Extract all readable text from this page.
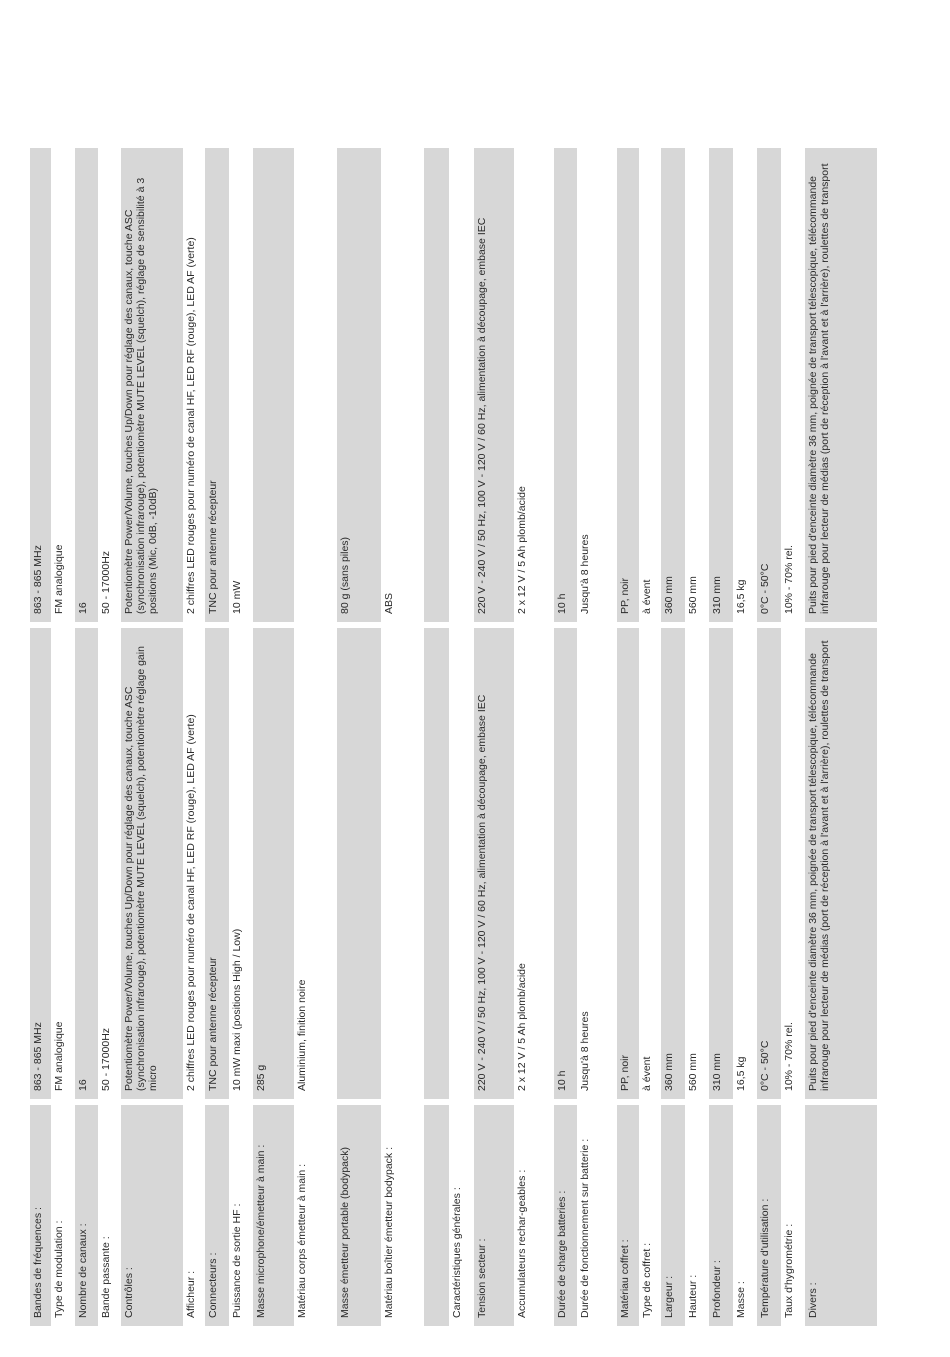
Bandes de fréquences :	863 - 865 MHz	863 - 865 MHz
Type de modulation :	FM analogique	FM analogique
Nombre de canaux :	16	16
Bande passante :	50 - 17000Hz	50 - 17000Hz
Contrôles :	Potentiomètre Power/Volume, touches Up/Down pour réglage des canaux, touche ASC (synchronisation infrarouge), potentiomètre MUTE LEVEL (squelch), potentiomètre réglage gain micro	Potentiomètre Power/Volume, touches Up/Down pour réglage des canaux, touche ASC (synchronisation infrarouge), potentiomètre MUTE LEVEL (squelch), réglage de sensibilité à 3 positions (Mic, 0dB, -10dB)
Afficheur :	2 chiffres LED rouges pour numéro de canal HF, LED RF (rouge), LED AF (verte)	2 chiffres LED rouges pour numéro de canal HF, LED RF (rouge), LED AF (verte)
Connecteurs :	TNC pour antenne récepteur	TNC pour antenne récepteur
Puissance de sortie HF :	10 mW maxi (positions High / Low)	10 mW
Masse microphone/émetteur à main :	285 g	
Matériau corps émetteur à main :	Aluminium, finition noire	
Masse émetteur portable (bodypack)		80 g (sans piles)
Matériau boîtier émetteur bodypack :		ABS

Caractéristiques générales :		
Tension secteur :	220 V - 240 V / 50 Hz, 100 V - 120 V / 60 Hz, alimentation à découpage, embase IEC	220 V - 240 V / 50 Hz, 100 V - 120 V / 60 Hz, alimentation à découpage, embase IEC
Accumulateurs rechar-geables :	2 x 12 V / 5 Ah plomb/acide	2 x 12 V / 5 Ah plomb/acide
Durée de charge batteries :	10 h	10 h
Durée de fonctionnement sur batterie :	Jusqu'à 8 heures	Jusqu'à 8 heures
Matériau coffret :	PP, noir	PP, noir
Type de coffret :	à évent	à évent
Largeur :	360 mm	360 mm
Hauteur :	560 mm	560 mm
Profondeur :	310 mm	310 mm
Masse :	16,5 kg	16,5 kg
Température d'utilisation :	0°C - 50°C	0°C - 50°C
Taux d'hygrométrie :	10% - 70% rel.	10% - 70% rel.
Divers :	Puits pour pied d'enceinte diamètre 36 mm, poignée de transport télescopique, télécommande infrarouge pour lecteur de médias (port de réception à l'avant et à l'arrière), roulettes de transport	Puits pour pied d'enceinte diamètre 36 mm, poignée de transport télescopique, télécommande infrarouge pour lecteur de médias (port de réception à l'avant et à l'arrière), roulettes de transport
